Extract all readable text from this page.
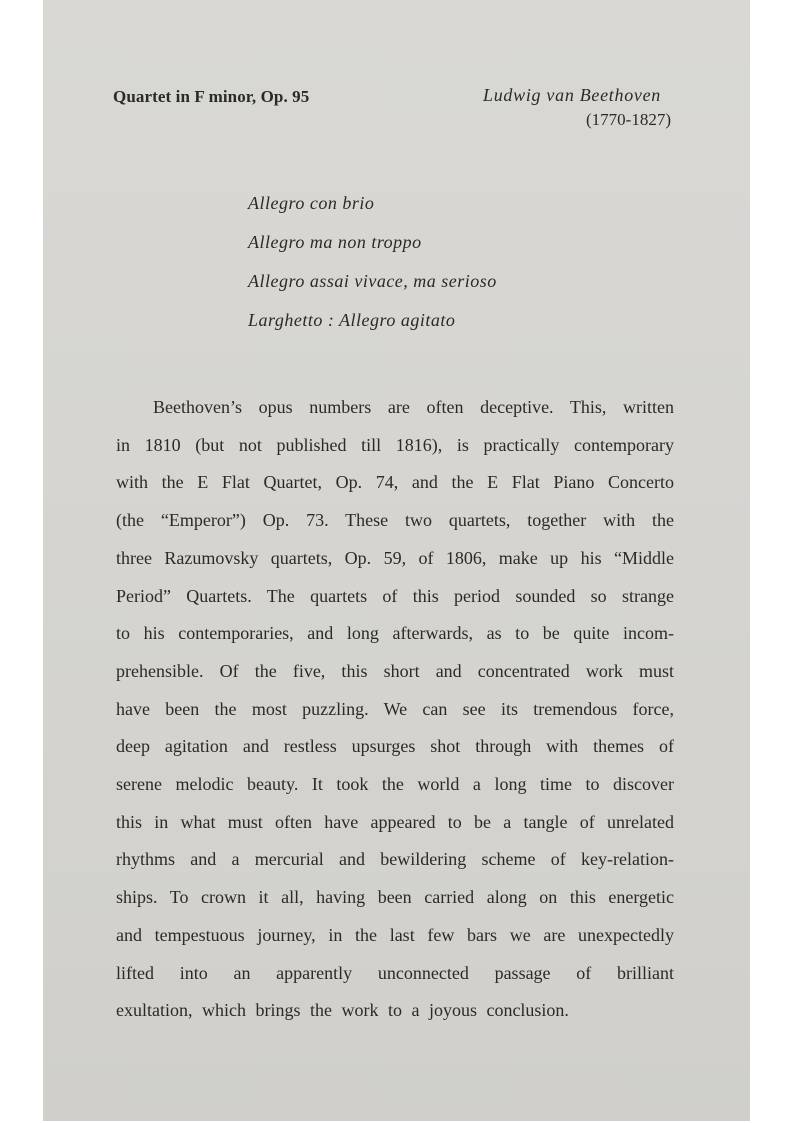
Quartet in F minor, Op. 95	Ludwig van Beethoven
(1770-1827)
Allegro con brio
Allegro ma non troppo
Allegro assai vivace, ma serioso
Larghetto : Allegro agitato
Beethoven’s opus numbers are often deceptive. This, written
in 1810 (but not published till 1816), is practically contemporary
with the E Flat Quartet, Op. 74, and the E Flat Piano Concerto
(the “Emperor”) Op. 73. These two quartets, together with the
three Razumovsky quartets, Op. 59, of 1806, make up his “Middle
Period” Quartets. The quartets of this period sounded so strange
to his contemporaries, and long afterwards, as to be quite incom-
prehensible. Of the five, this short and concentrated work must
have been the most puzzling. We can see its tremendous force,
deep agitation and restless upsurges shot through with themes of
serene melodic beauty. It took the world a long time to discover
this in what must often have appeared to be a tangle of unrelated
rhythms and a mercurial and bewildering scheme of key-relation-
ships. To crown it all, having been carried along on this energetic
and tempestuous journey, in the last few bars we are unexpectedly
lifted into an apparently unconnected passage of brilliant
exultation, which brings the work to a joyous conclusion.
